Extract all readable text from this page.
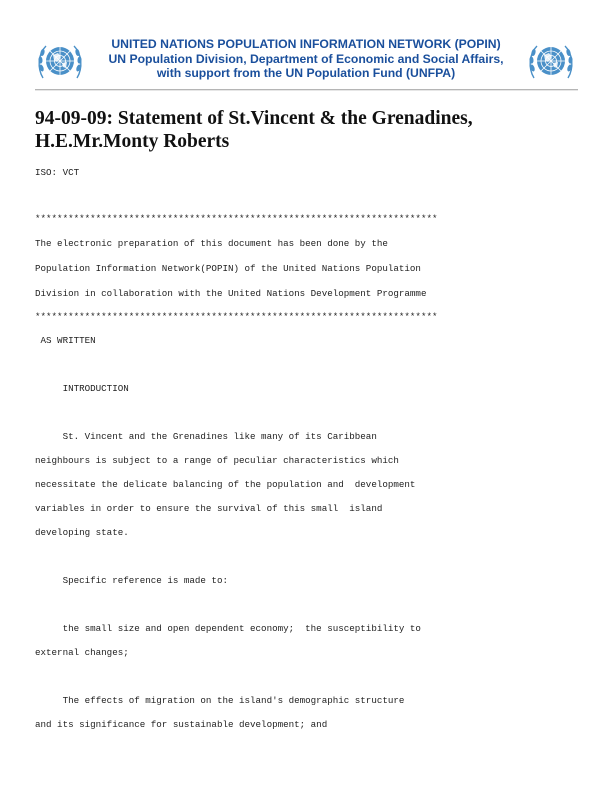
UNITED NATIONS POPULATION INFORMATION NETWORK (POPIN)
UN Population Division, Department of Economic and Social Affairs,
with support from the UN Population Fund (UNFPA)
94-09-09: Statement of St.Vincent & the Grenadines,
H.E.Mr.Monty Roberts

ISO: VCT

*************************************************************************

The electronic preparation of this document has been done by the

Population Information Network(POPIN) of the United Nations Population

Division in collaboration with the United Nations Development Programme

*************************************************************************

AS WRITTEN

INTRODUCTION

St. Vincent and the Grenadines like many of its Caribbean

neighbours is subject to a range of peculiar characteristics which

necessitate the delicate balancing of the population and  development

variables in order to ensure the survival of this small  island

developing state.

Specific reference is made to:

the small size and open dependent economy;  the susceptibility to

external changes;

The effects of migration on the island's demographic structure

and its significance for sustainable development; and
